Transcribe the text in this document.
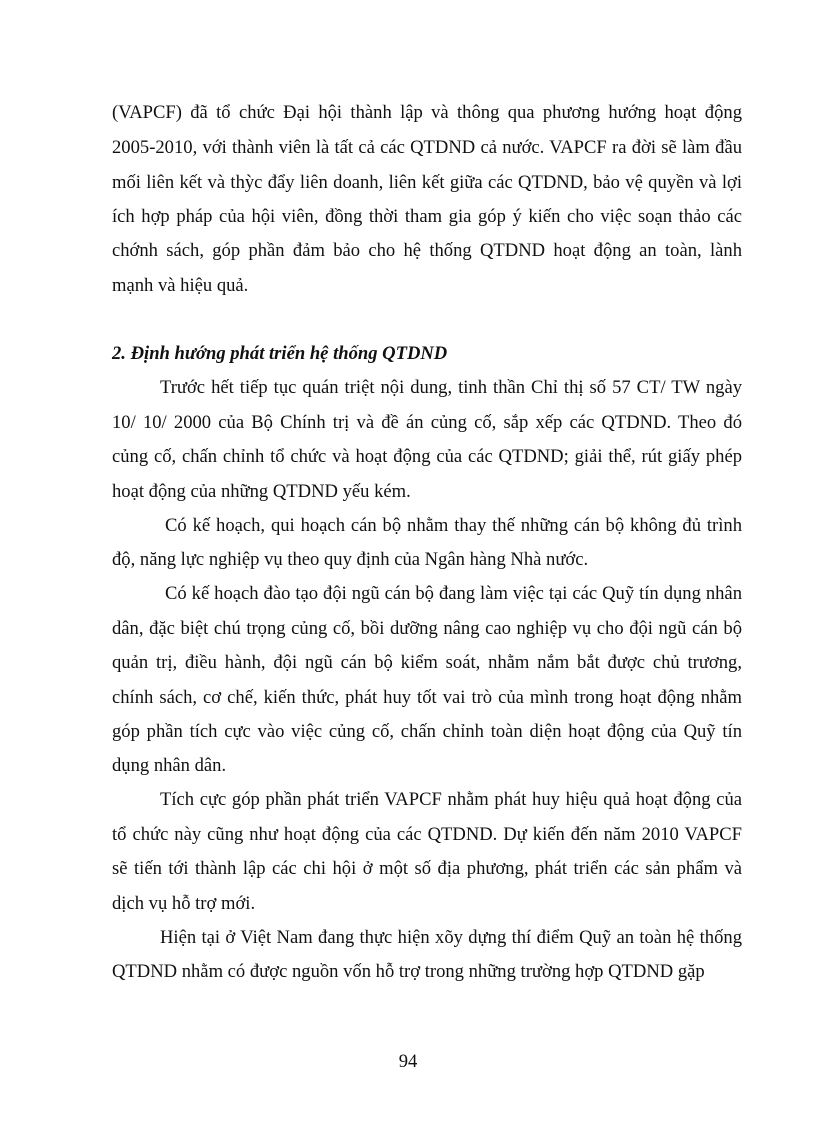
(VAPCF) đã tổ chức Đại hội thành lập và thông qua phương hướng hoạt động
2005-2010, với thành viên là tất cả các QTDND cả nước. VAPCF ra đời sẽ làm đầu
mối liên kết và thỳc đẩy liên doanh, liên kết giữa các QTDND, bảo vệ quyền và lợi
ích hợp pháp của hội viên, đồng thời tham gia góp ý kiến cho việc soạn thảo các
chớnh sách, góp phần đảm bảo cho hệ thống QTDND hoạt động an toàn, lành
mạnh và hiệu quả.
2. Định hướng phát triển hệ thống QTDND
Trước hết tiếp tục quán triệt nội dung, tinh thần Chỉ thị số 57 CT/ TW ngày
10/ 10/ 2000 của Bộ Chính trị và đề án củng cố, sắp xếp các QTDND. Theo đó
củng cố, chấn chỉnh tổ chức và hoạt động của các QTDND; giải thể, rút giấy phép
hoạt động của những QTDND yếu kém.
Có kế hoạch, qui hoạch cán bộ nhằm thay thế những cán bộ không đủ trình
độ, năng lực nghiệp vụ theo quy định của Ngân hàng Nhà nước.
Có kế hoạch đào tạo đội ngũ cán bộ đang làm việc tại các Quỹ tín dụng nhân
dân, đặc biệt chú trọng củng cố, bồi dưỡng nâng cao nghiệp vụ cho đội ngũ cán bộ
quản trị, điều hành, đội ngũ cán bộ kiểm soát, nhằm nắm bắt được chủ trương,
chính sách, cơ chế, kiến thức, phát huy tốt vai trò của mình trong hoạt động nhằm
góp phần tích cực vào việc củng cố, chấn chỉnh toàn diện hoạt động của Quỹ tín
dụng nhân dân.
Tích cực góp phần phát triển VAPCF nhằm phát huy hiệu quả hoạt động của
tổ chức này cũng như hoạt động của các QTDND. Dự kiến đến năm 2010 VAPCF
sẽ tiến tới thành lập các chi hội ở một số địa phương, phát triển các sản phẩm và
dịch vụ hỗ trợ mới.
Hiện tại ở Việt Nam đang thực hiện xõy dựng thí điểm Quỹ an toàn hệ thống
QTDND nhằm có được nguồn vốn hỗ trợ trong những trường hợp QTDND gặp
94
